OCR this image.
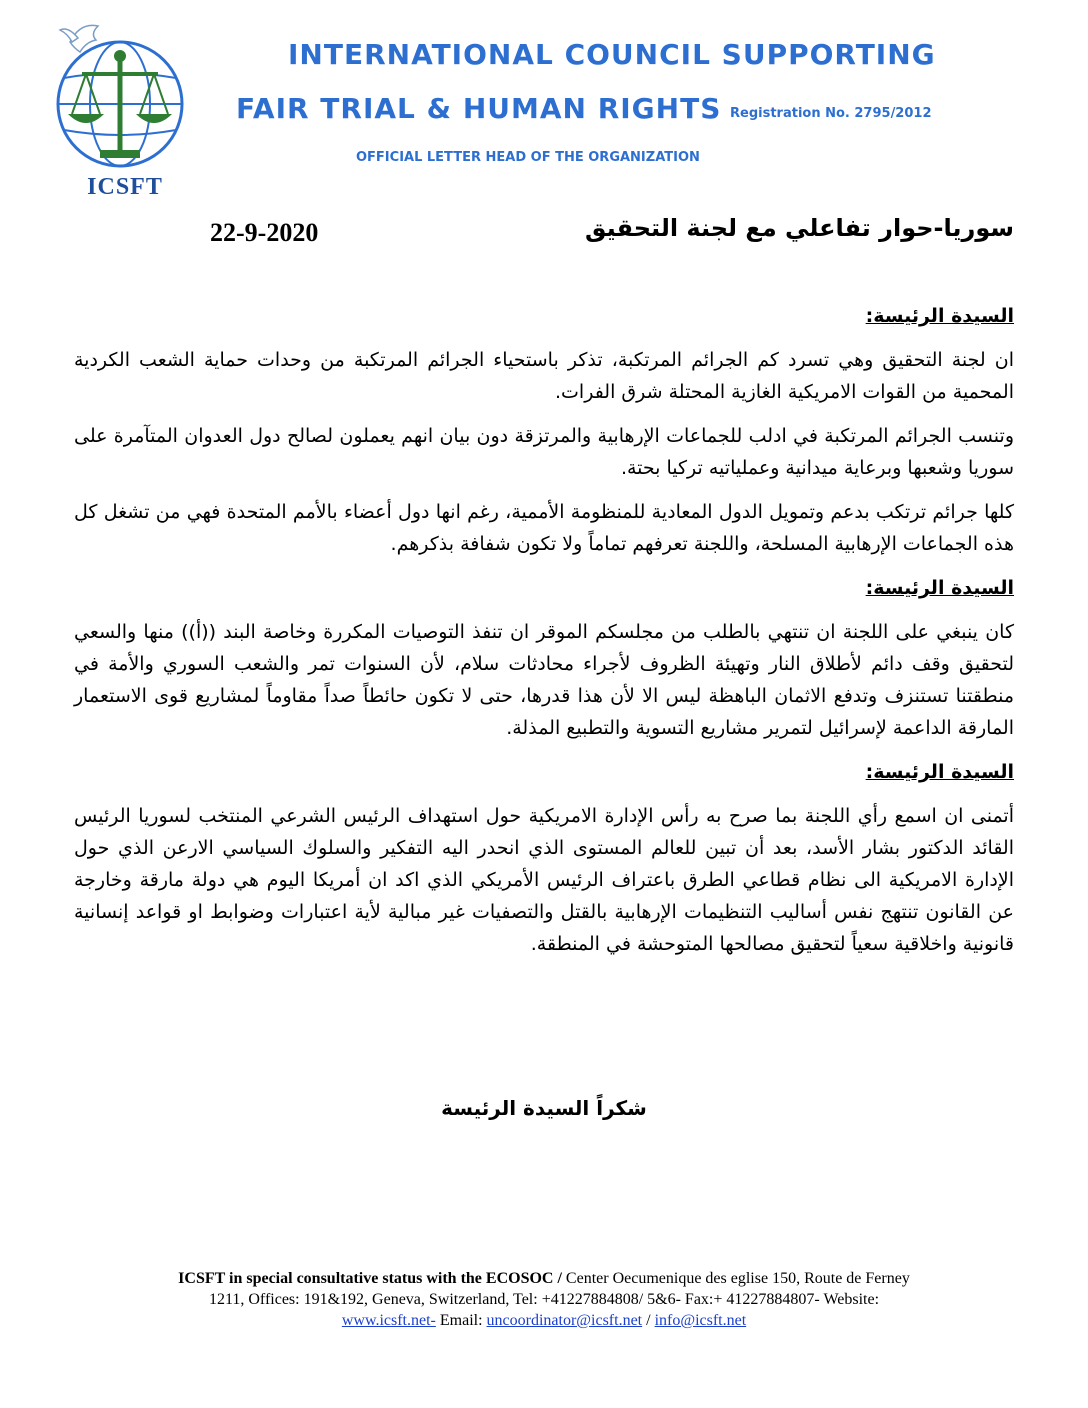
ICSFT
INTERNATIONAL COUNCIL SUPPORTING
FAIR TRIAL & HUMAN RIGHTS Registration No. 2795/2012
OFFICIAL LETTER HEAD OF THE ORGANIZATION
22-9-2020	سوريا-حوار تفاعلي مع لجنة التحقيق

السيدة الرئيسة:

ان لجنة التحقيق وهي تسرد كم الجرائم المرتكبة، تذكر باستحياء الجرائم المرتكبة من وحدات حماية الشعب الكردية المحمية من القوات الامريكية الغازية المحتلة شرق الفرات.

وتنسب الجرائم المرتكبة في ادلب للجماعات الإرهابية والمرتزقة دون بيان انهم يعملون لصالح دول العدوان المتآمرة على سوريا وشعبها وبرعاية ميدانية وعملياتيه تركيا بحتة.

كلها جرائم ترتكب بدعم وتمويل الدول المعادية للمنظومة الأممية، رغم انها دول أعضاء بالأمم المتحدة فهي من تشغل كل هذه الجماعات الإرهابية المسلحة، واللجنة تعرفهم تماماً ولا تكون شفافة بذكرهم.

السيدة الرئيسة:

كان ينبغي على اللجنة ان تنتهي بالطلب من مجلسكم الموقر ان تنفذ التوصيات المكررة وخاصة البند ((أ)) منها والسعي لتحقيق وقف دائم لأطلاق النار وتهيئة الظروف لأجراء محادثات سلام، لأن السنوات تمر والشعب السوري والأمة في منطقتنا تستنزف وتدفع الاثمان الباهظة ليس الا لأن هذا قدرها، حتى لا تكون حائطاً صداً مقاوماً لمشاريع قوى الاستعمار المارقة الداعمة لإسرائيل لتمرير مشاريع التسوية والتطبيع المذلة.

السيدة الرئيسة:

أتمنى ان اسمع رأي اللجنة بما صرح به رأس الإدارة الامريكية حول استهداف الرئيس الشرعي المنتخب لسوريا الرئيس القائد الدكتور بشار الأسد، بعد أن تبين للعالم المستوى الذي انحدر اليه التفكير والسلوك السياسي الارعن الذي حول الإدارة الامريكية الى نظام قطاعي الطرق باعتراف الرئيس الأمريكي الذي اكد ان أمريكا اليوم هي دولة مارقة وخارجة عن القانون تنتهج نفس أساليب التنظيمات الإرهابية بالقتل والتصفيات غير مبالية لأية اعتبارات وضوابط او قواعد إنسانية قانونية واخلاقية سعياً لتحقيق مصالحها المتوحشة في المنطقة.

شكراً السيدة الرئيسة
ICSFT in special consultative status with the ECOSOC / Center Oecumenique des eglise 150, Route de Ferney
1211, Offices: 191&192, Geneva, Switzerland, Tel: +41227884808/ 5&6- Fax:+ 41227884807- Website:
www.icsft.net- Email: uncoordinator@icsft.net / info@icsft.net
